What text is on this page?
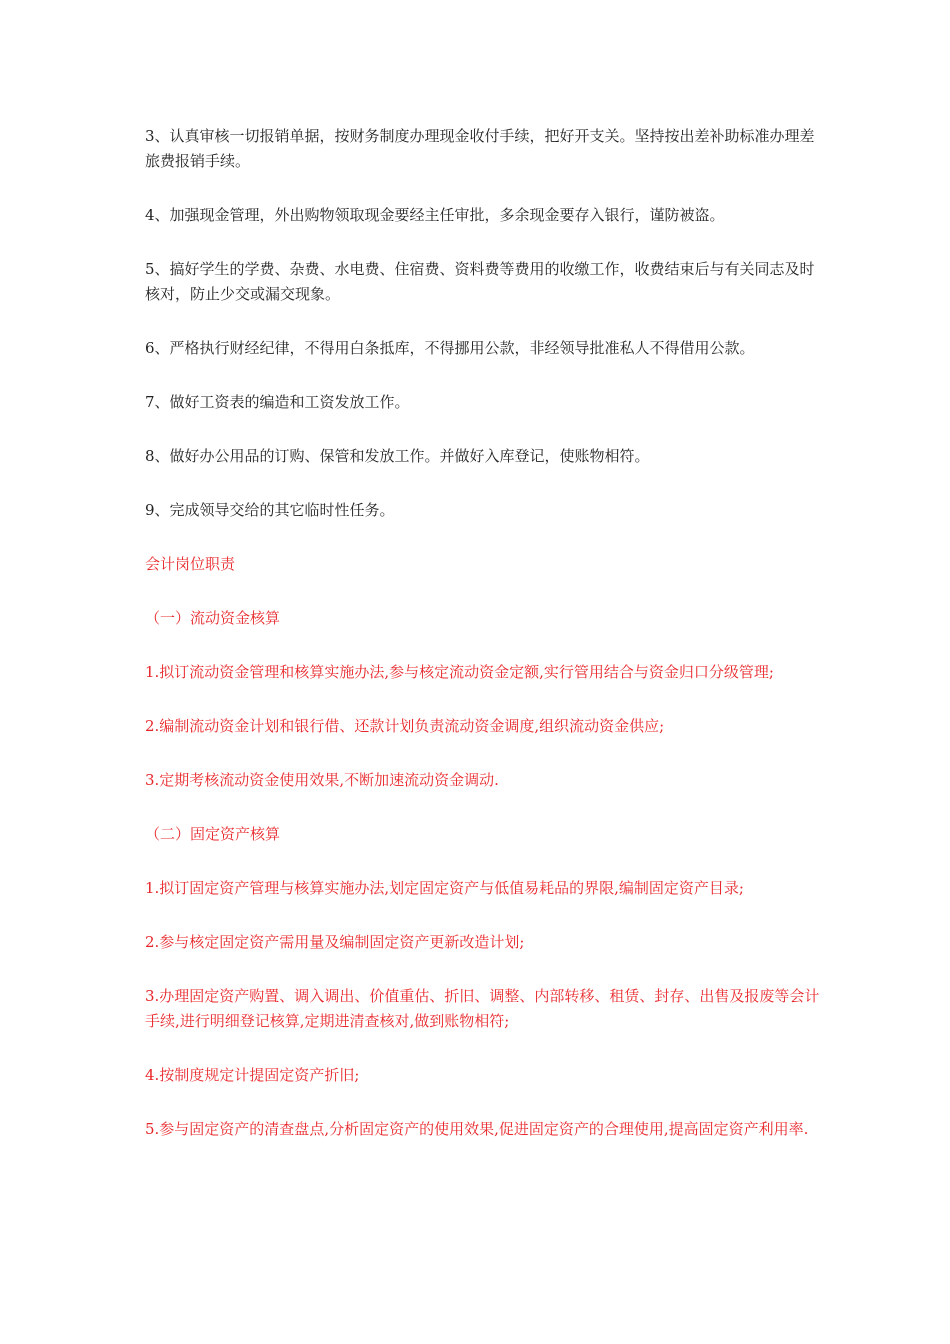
3、认真审核一切报销单据，按财务制度办理现金收付手续，把好开支关。坚持按出差补助标准办理差旅费报销手续。

4、加强现金管理，外出购物领取现金要经主任审批，多余现金要存入银行，谨防被盗。

5、搞好学生的学费、杂费、水电费、住宿费、资料费等费用的收缴工作，收费结束后与有关同志及时核对，防止少交或漏交现象。

6、严格执行财经纪律，不得用白条抵库，不得挪用公款，非经领导批准私人不得借用公款。

7、做好工资表的编造和工资发放工作。

8、做好办公用品的订购、保管和发放工作。并做好入库登记，使账物相符。

9、完成领导交给的其它临时性任务。

会计岗位职责

（一）流动资金核算

1.拟订流动资金管理和核算实施办法,参与核定流动资金定额,实行管用结合与资金归口分级管理;

2.编制流动资金计划和银行借、还款计划负责流动资金调度,组织流动资金供应;

3.定期考核流动资金使用效果,不断加速流动资金调动.

（二）固定资产核算

1.拟订固定资产管理与核算实施办法,划定固定资产与低值易耗品的界限,编制固定资产目录;

2.参与核定固定资产需用量及编制固定资产更新改造计划;

3.办理固定资产购置、调入调出、价值重估、折旧、调整、内部转移、租赁、封存、出售及报废等会计手续,进行明细登记核算,定期进清查核对,做到账物相符;

4.按制度规定计提固定资产折旧;

5.参与固定资产的清查盘点,分析固定资产的使用效果,促进固定资产的合理使用,提高固定资产利用率.
